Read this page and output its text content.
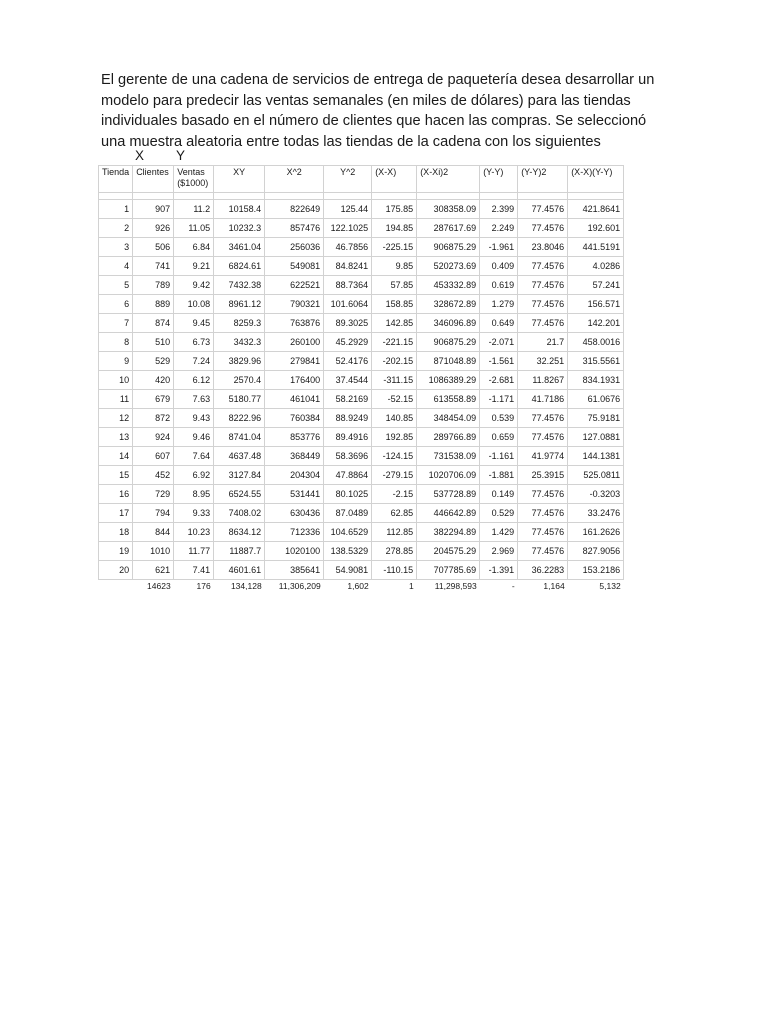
El gerente de una cadena de servicios de entrega de paquetería desea desarrollar un modelo para predecir las ventas semanales (en miles de dólares) para las tiendas individuales basado en el número de clientes que hacen las compras. Se seleccionó una muestra aleatoria entre todas las tiendas de la cadena con los siguientes

X Y
Tienda	Clientes	Ventas ($1000)	XY	X^2	Y^2	(X-X)	(X-Xi)2	(Y-Y)	(Y-Y)2	(X-X)(Y-Y)

1	907	11.2	10158.4	822649	125.44	175.85	308358.09	2.399	77.4576	421.8641
2	926	11.05	10232.3	857476	122.1025	194.85	287617.69	2.249	77.4576	192.601
3	506	6.84	3461.04	256036	46.7856	-225.15	906875.29	-1.961	23.8046	441.5191
4	741	9.21	6824.61	549081	84.8241	9.85	520273.69	0.409	77.4576	4.0286
5	789	9.42	7432.38	622521	88.7364	57.85	453332.89	0.619	77.4576	57.241
6	889	10.08	8961.12	790321	101.6064	158.85	328672.89	1.279	77.4576	156.571
7	874	9.45	8259.3	763876	89.3025	142.85	346096.89	0.649	77.4576	142.201
8	510	6.73	3432.3	260100	45.2929	-221.15	906875.29	-2.071	21.7	458.0016
9	529	7.24	3829.96	279841	52.4176	-202.15	871048.89	-1.561	32.251	315.5561
10	420	6.12	2570.4	176400	37.4544	-311.15	1086389.29	-2.681	11.8267	834.1931
11	679	7.63	5180.77	461041	58.2169	-52.15	613558.89	-1.171	41.7186	61.0676
12	872	9.43	8222.96	760384	88.9249	140.85	348454.09	0.539	77.4576	75.9181
13	924	9.46	8741.04	853776	89.4916	192.85	289766.89	0.659	77.4576	127.0881
14	607	7.64	4637.48	368449	58.3696	-124.15	731538.09	-1.161	41.9774	144.1381
15	452	6.92	3127.84	204304	47.8864	-279.15	1020706.09	-1.881	25.3915	525.0811
16	729	8.95	6524.55	531441	80.1025	-2.15	537728.89	0.149	77.4576	-0.3203
17	794	9.33	7408.02	630436	87.0489	62.85	446642.89	0.529	77.4576	33.2476
18	844	10.23	8634.12	712336	104.6529	112.85	382294.89	1.429	77.4576	161.2626
19	1010	11.77	11887.7	1020100	138.5329	278.85	204575.29	2.969	77.4576	827.9056
20	621	7.41	4601.61	385641	54.9081	-110.15	707785.69	-1.391	36.2283	153.2186
	14623	176	134,128	11,306,209	1,602	1	11,298,593	-	1,164	5,132
